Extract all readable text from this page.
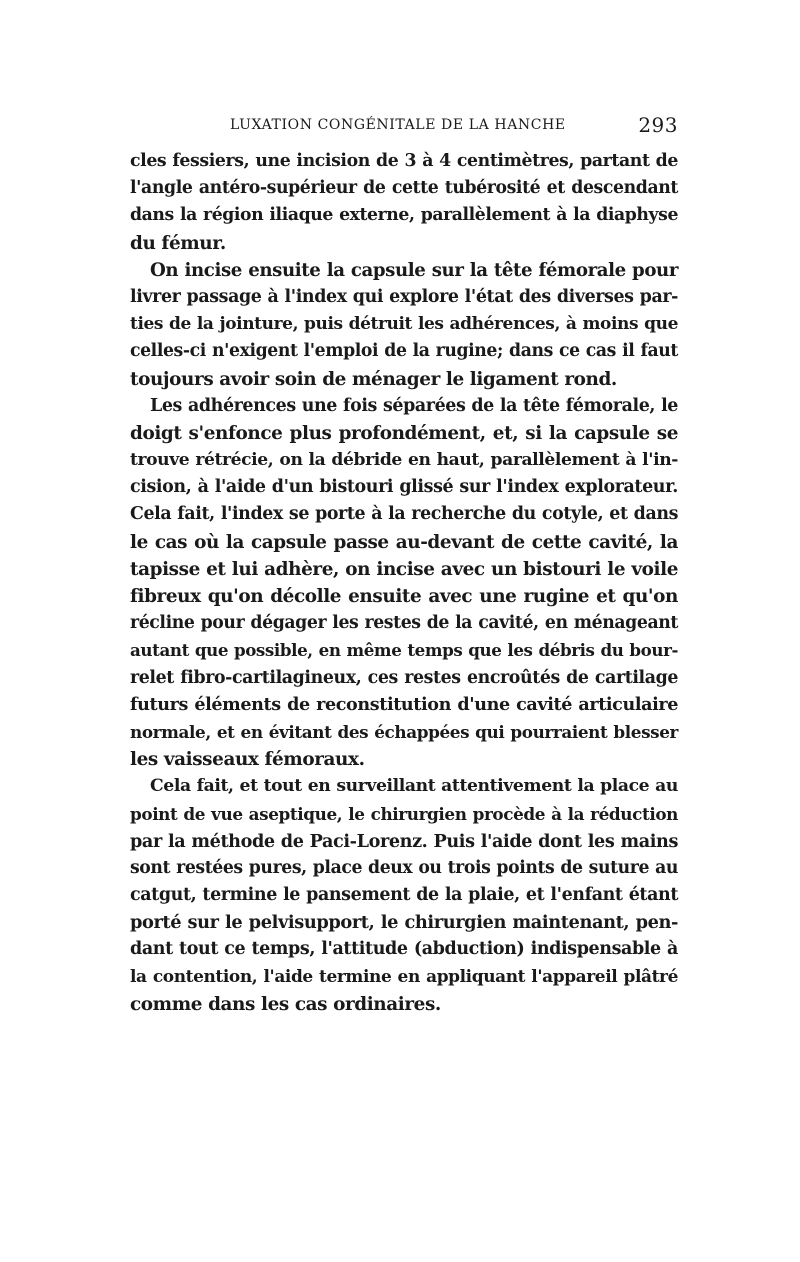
LUXATION CONGÉNITALE DE LA HANCHE	293
cles fessiers, une incision de 3 à 4 centimètres, partant de
l'angle antéro-supérieur de cette tubérosité et descendant
dans la région iliaque externe, parallèlement à la diaphyse
du fémur.
On incise ensuite la capsule sur la tête fémorale pour
livrer passage à l'index qui explore l'état des diverses par-
ties de la jointure, puis détruit les adhérences, à moins que
celles-ci n'exigent l'emploi de la rugine; dans ce cas il faut
toujours avoir soin de ménager le ligament rond.
Les adhérences une fois séparées de la tête fémorale, le
doigt s'enfonce plus profondément, et, si la capsule se
trouve rétrécie, on la débride en haut, parallèlement à l'in-
cision, à l'aide d'un bistouri glissé sur l'index explorateur.
Cela fait, l'index se porte à la recherche du cotyle, et dans
le cas où la capsule passe au-devant de cette cavité, la
tapisse et lui adhère, on incise avec un bistouri le voile
fibreux qu'on décolle ensuite avec une rugine et qu'on
récline pour dégager les restes de la cavité, en ménageant
autant que possible, en même temps que les débris du bour-
relet fibro-cartilagineux, ces restes encroûtés de cartilage
futurs éléments de reconstitution d'une cavité articulaire
normale, et en évitant des échappées qui pourraient blesser
les vaisseaux fémoraux.
Cela fait, et tout en surveillant attentivement la place au
point de vue aseptique, le chirurgien procède à la réduction
par la méthode de Paci-Lorenz. Puis l'aide dont les mains
sont restées pures, place deux ou trois points de suture au
catgut, termine le pansement de la plaie, et l'enfant étant
porté sur le pelvisupport, le chirurgien maintenant, pen-
dant tout ce temps, l'attitude (abduction) indispensable à
la contention, l'aide termine en appliquant l'appareil plâtré
comme dans les cas ordinaires.
